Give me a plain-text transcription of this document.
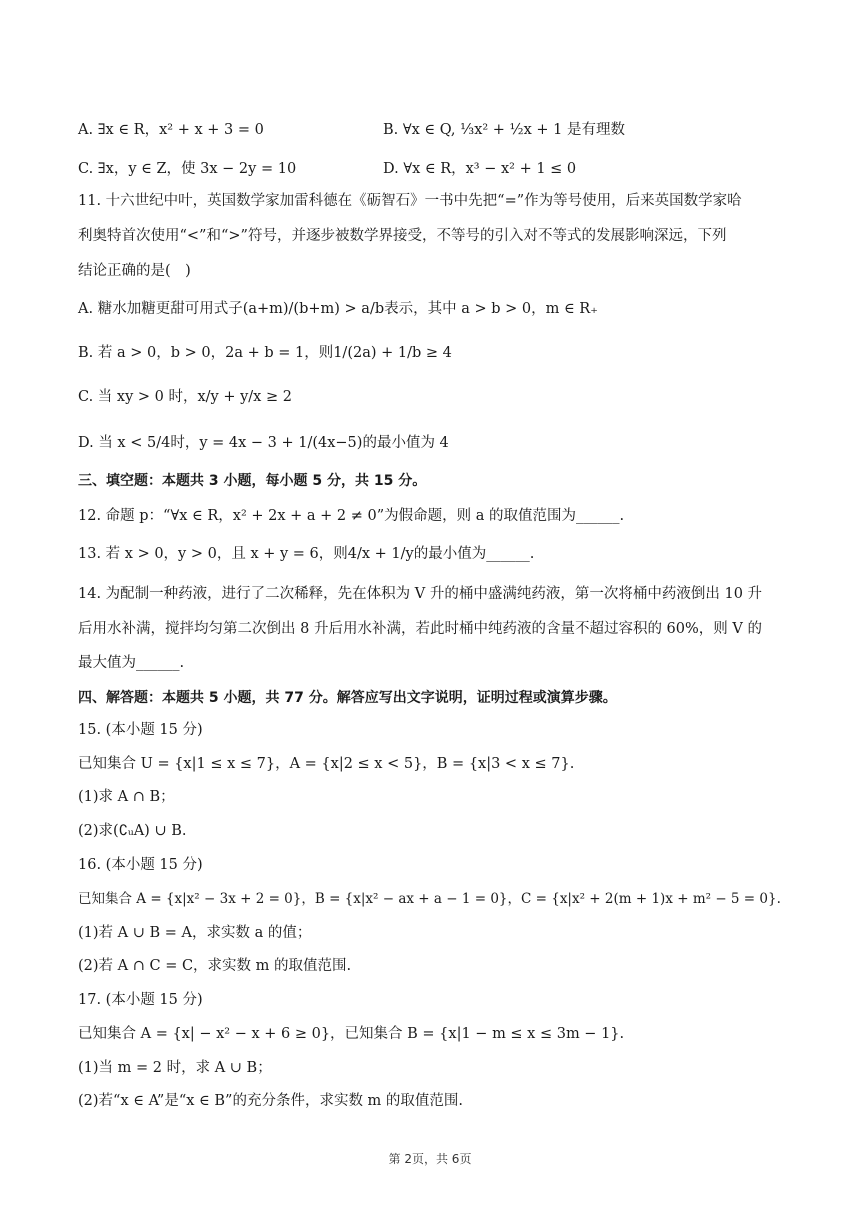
A. ∃x ∈ R，x² + x + 3 = 0	B. ∀x ∈ Q, ⅓x² + ½x + 1 是有理数
C. ∃x，y ∈ Z，使 3x − 2y = 10	D. ∀x ∈ R，x³ − x² + 1 ≤ 0
11. 十六世纪中叶，英国数学家加雷科德在《砺智石》一书中先把“=”作为等号使用，后来英国数学家哈
利奥特首次使用“<”和“>”符号，并逐步被数学界接受，不等号的引入对不等式的发展影响深远，下列
结论正确的是(　)
A. 糖水加糖更甜可用式子(a+m)/(b+m) > a/b表示，其中 a > b > 0，m ∈ R₊
B. 若 a > 0，b > 0，2a + b = 1，则1/(2a) + 1/b ≥ 4
C. 当 xy > 0 时，x/y + y/x ≥ 2
D. 当 x < 5/4时，y = 4x − 3 + 1/(4x−5)的最小值为 4
三、填空题：本题共 3 小题，每小题 5 分，共 15 分。
12. 命题 p：“∀x ∈ R，x² + 2x + a + 2 ≠ 0”为假命题，则 a 的取值范围为______.
13. 若 x > 0，y > 0，且 x + y = 6，则4/x + 1/y的最小值为______.
14. 为配制一种药液，进行了二次稀释，先在体积为 V 升的桶中盛满纯药液，第一次将桶中药液倒出 10 升
后用水补满，搅拌均匀第二次倒出 8 升后用水补满，若此时桶中纯药液的含量不超过容积的 60%，则 V 的
最大值为______.
四、解答题：本题共 5 小题，共 77 分。解答应写出文字说明，证明过程或演算步骤。
15. (本小题 15 分)
已知集合 U = {x|1 ≤ x ≤ 7}，A = {x|2 ≤ x < 5}，B = {x|3 < x ≤ 7}.
(1)求 A ∩ B；
(2)求(∁ᵤA) ∪ B.
16. (本小题 15 分)
已知集合 A = {x|x² − 3x + 2 = 0}，B = {x|x² − ax + a − 1 = 0}，C = {x|x² + 2(m + 1)x + m² − 5 = 0}.
(1)若 A ∪ B = A，求实数 a 的值；
(2)若 A ∩ C = C，求实数 m 的取值范围.
17. (本小题 15 分)
已知集合 A = {x| − x² − x + 6 ≥ 0}，已知集合 B = {x|1 − m ≤ x ≤ 3m − 1}.
(1)当 m = 2 时，求 A ∪ B；
(2)若“x ∈ A”是“x ∈ B”的充分条件，求实数 m 的取值范围.
第 2页，共 6页
